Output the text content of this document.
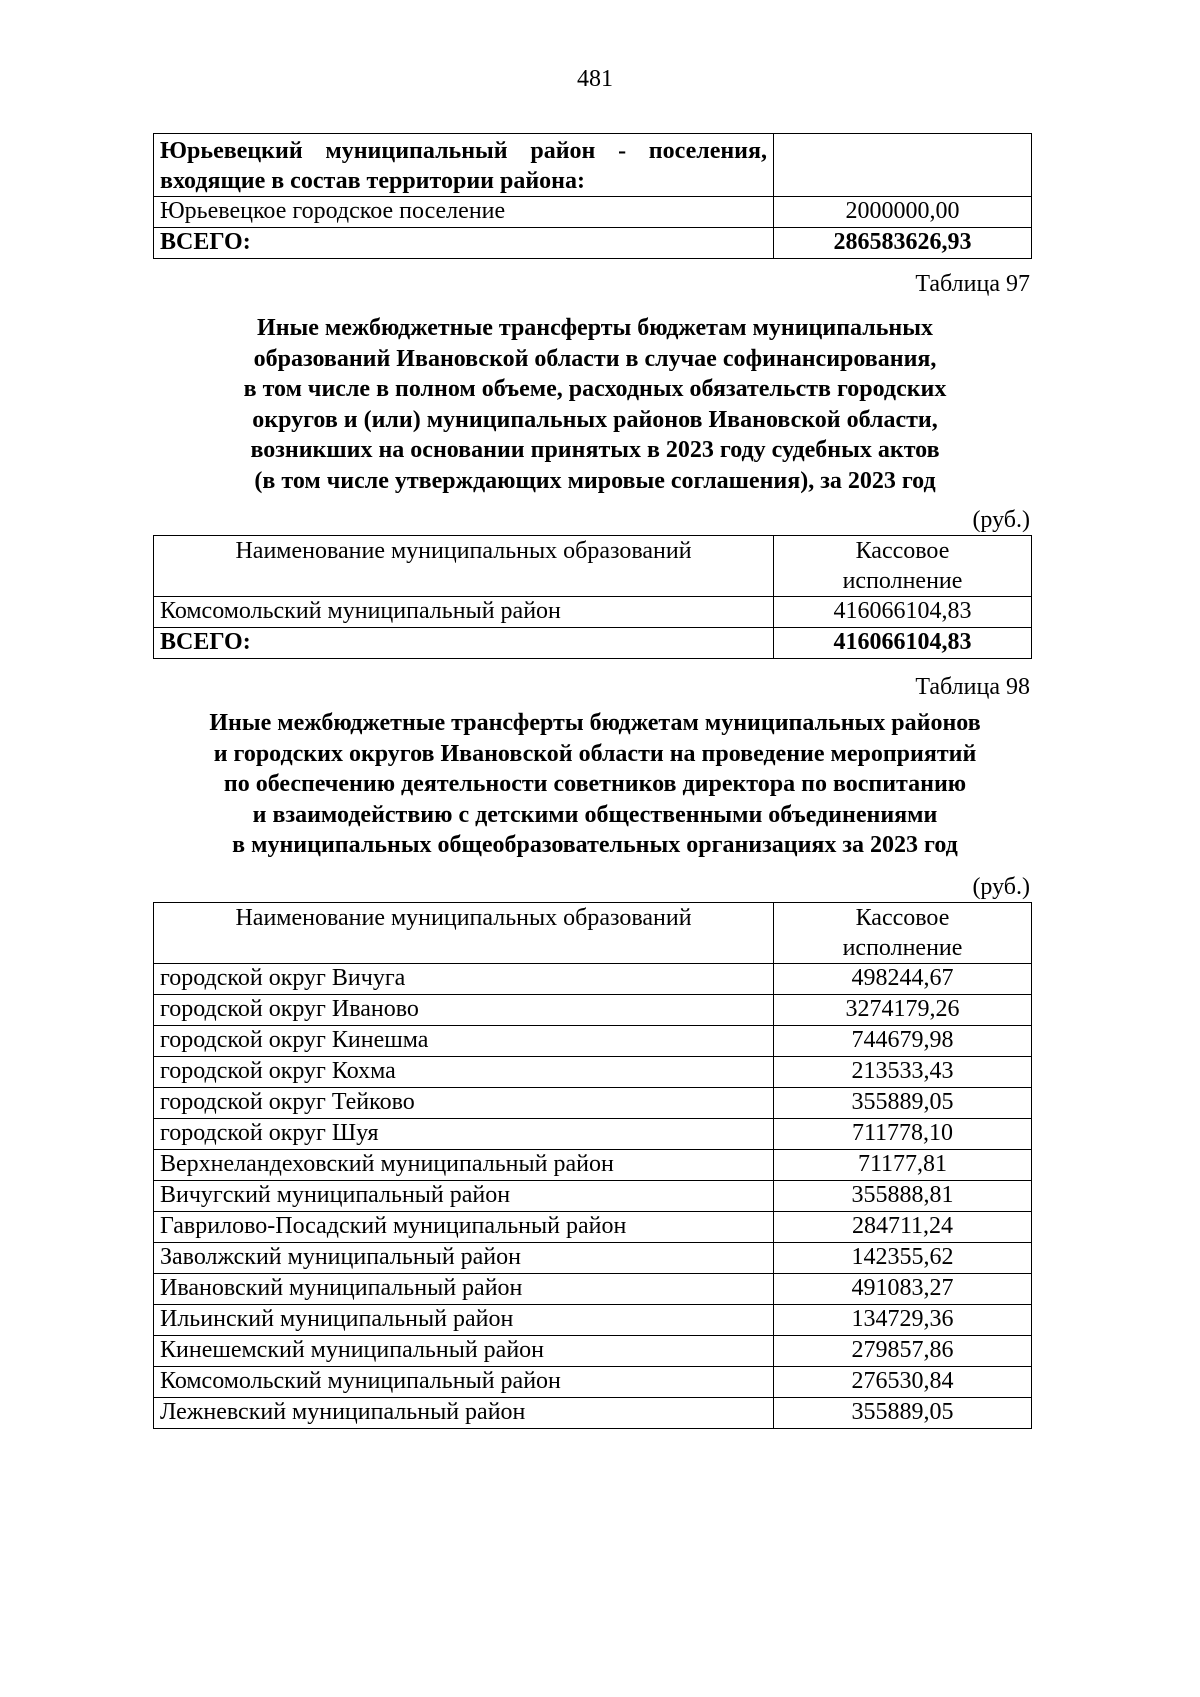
481
Юрьевецкий муниципальный район - поселения,
входящие в состав территории района:	

Юрьевецкое городское поселение	2000000,00
ВСЕГО:	286583626,93
Таблица 97
Иные межбюджетные трансферты бюджетам муниципальных
образований Ивановской области в случае софинансирования,
в том числе в полном объеме, расходных обязательств городских
округов и (или) муниципальных районов Ивановской области,
возникших на основании принятых в 2023 году судебных актов
(в том числе утверждающих мировые соглашения), за 2023 год
(руб.)
Наименование муниципальных образований	Кассовое
исполнение

Комсомольский муниципальный район	416066104,83
ВСЕГО:	416066104,83
Таблица 98
Иные межбюджетные трансферты бюджетам муниципальных районов
и городских округов Ивановской области на проведение мероприятий
по обеспечению деятельности советников директора по воспитанию
и взаимодействию с детскими общественными объединениями
в муниципальных общеобразовательных организациях за 2023 год
(руб.)
Наименование муниципальных образований	Кассовое
исполнение

городской округ Вичуга	498244,67
городской округ Иваново	3274179,26
городской округ Кинешма	744679,98
городской округ Кохма	213533,43
городской округ Тейково	355889,05
городской округ Шуя	711778,10
Верхнеландеховский муниципальный район	71177,81
Вичугский муниципальный район	355888,81
Гаврилово-Посадский муниципальный район	284711,24
Заволжский муниципальный район	142355,62
Ивановский муниципальный район	491083,27
Ильинский муниципальный район	134729,36
Кинешемский муниципальный район	279857,86
Комсомольский муниципальный район	276530,84
Лежневский муниципальный район	355889,05
